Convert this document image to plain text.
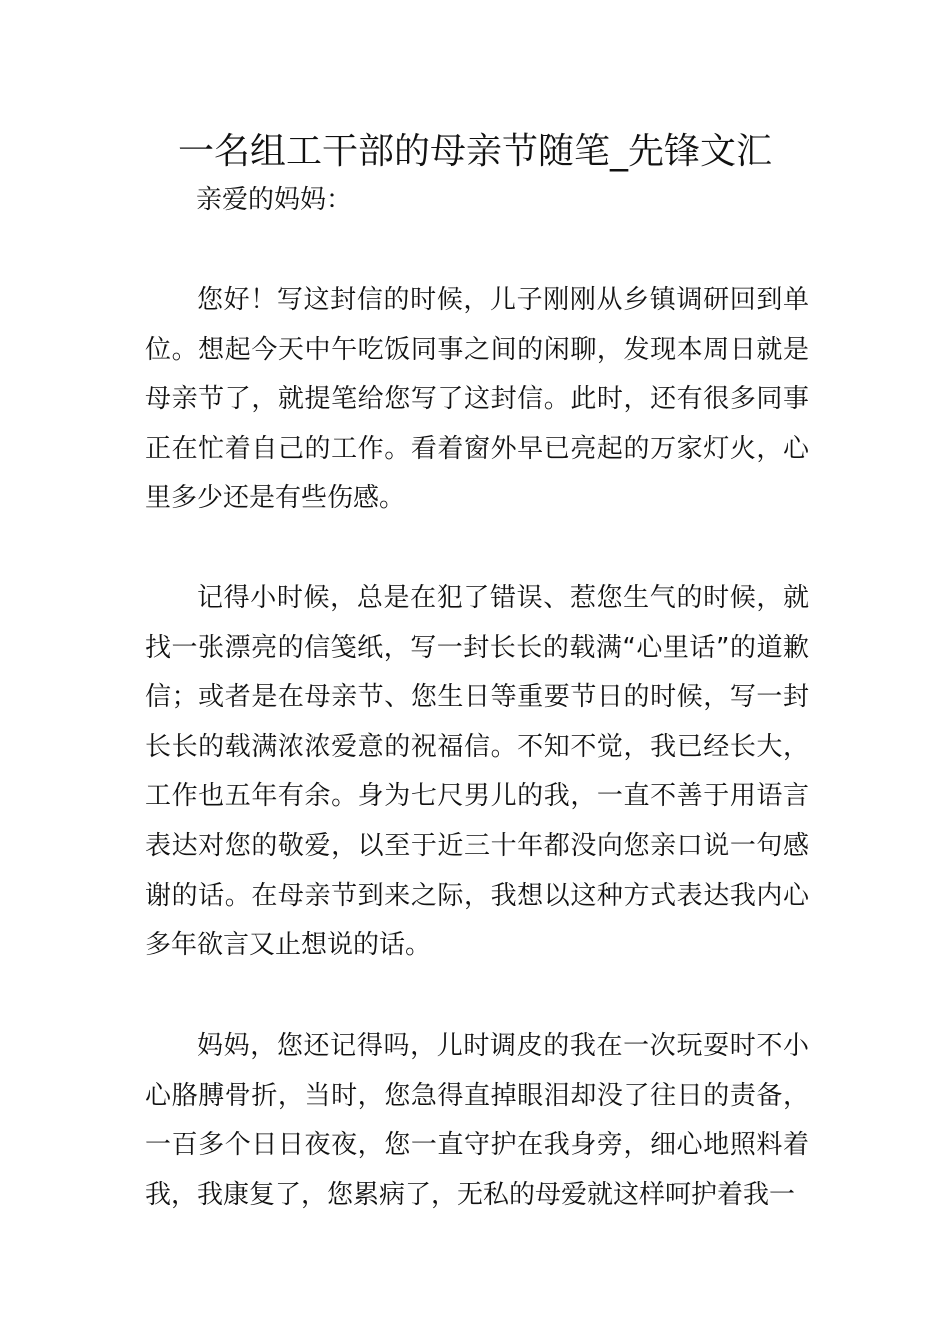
一名组工干部的母亲节随笔_先锋文汇
亲爱的妈妈：

您好！写这封信的时候，儿子刚刚从乡镇调研回到单位。想起今天中午吃饭同事之间的闲聊，发现本周日就是母亲节了，就提笔给您写了这封信。此时，还有很多同事正在忙着自己的工作。看着窗外早已亮起的万家灯火，心里多少还是有些伤感。

记得小时候，总是在犯了错误、惹您生气的时候，就找一张漂亮的信笺纸，写一封长长的载满“心里话”的道歉信；或者是在母亲节、您生日等重要节日的时候，写一封长长的载满浓浓爱意的祝福信。不知不觉，我已经长大，工作也五年有余。身为七尺男儿的我，一直不善于用语言表达对您的敬爱，以至于近三十年都没向您亲口说一句感谢的话。在母亲节到来之际，我想以这种方式表达我内心多年欲言又止想说的话。

妈妈，您还记得吗，儿时调皮的我在一次玩耍时不小心胳膊骨折，当时，您急得直掉眼泪却没了往日的责备，一百多个日日夜夜，您一直守护在我身旁，细心地照料着我，我康复了，您累病了，无私的母爱就这样呵护着我一
